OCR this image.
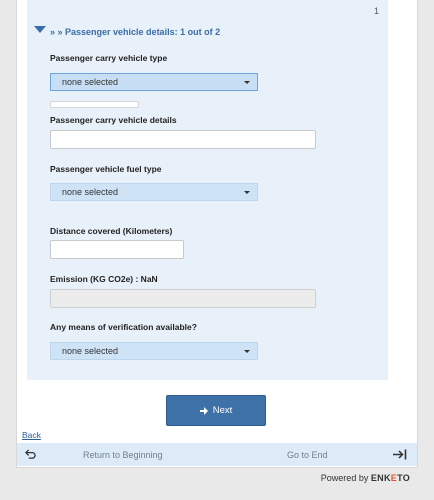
1
» » Passenger vehicle details: 1 out of 2
Passenger carry vehicle type
none selected
Passenger carry vehicle details
Passenger vehicle fuel type
none selected
Distance covered (Kilometers)
Emission (KG CO2e) : NaN
Any means of verification available?
none selected
Next
Back
Return to Beginning	Go to End
Powered by ENKETO
